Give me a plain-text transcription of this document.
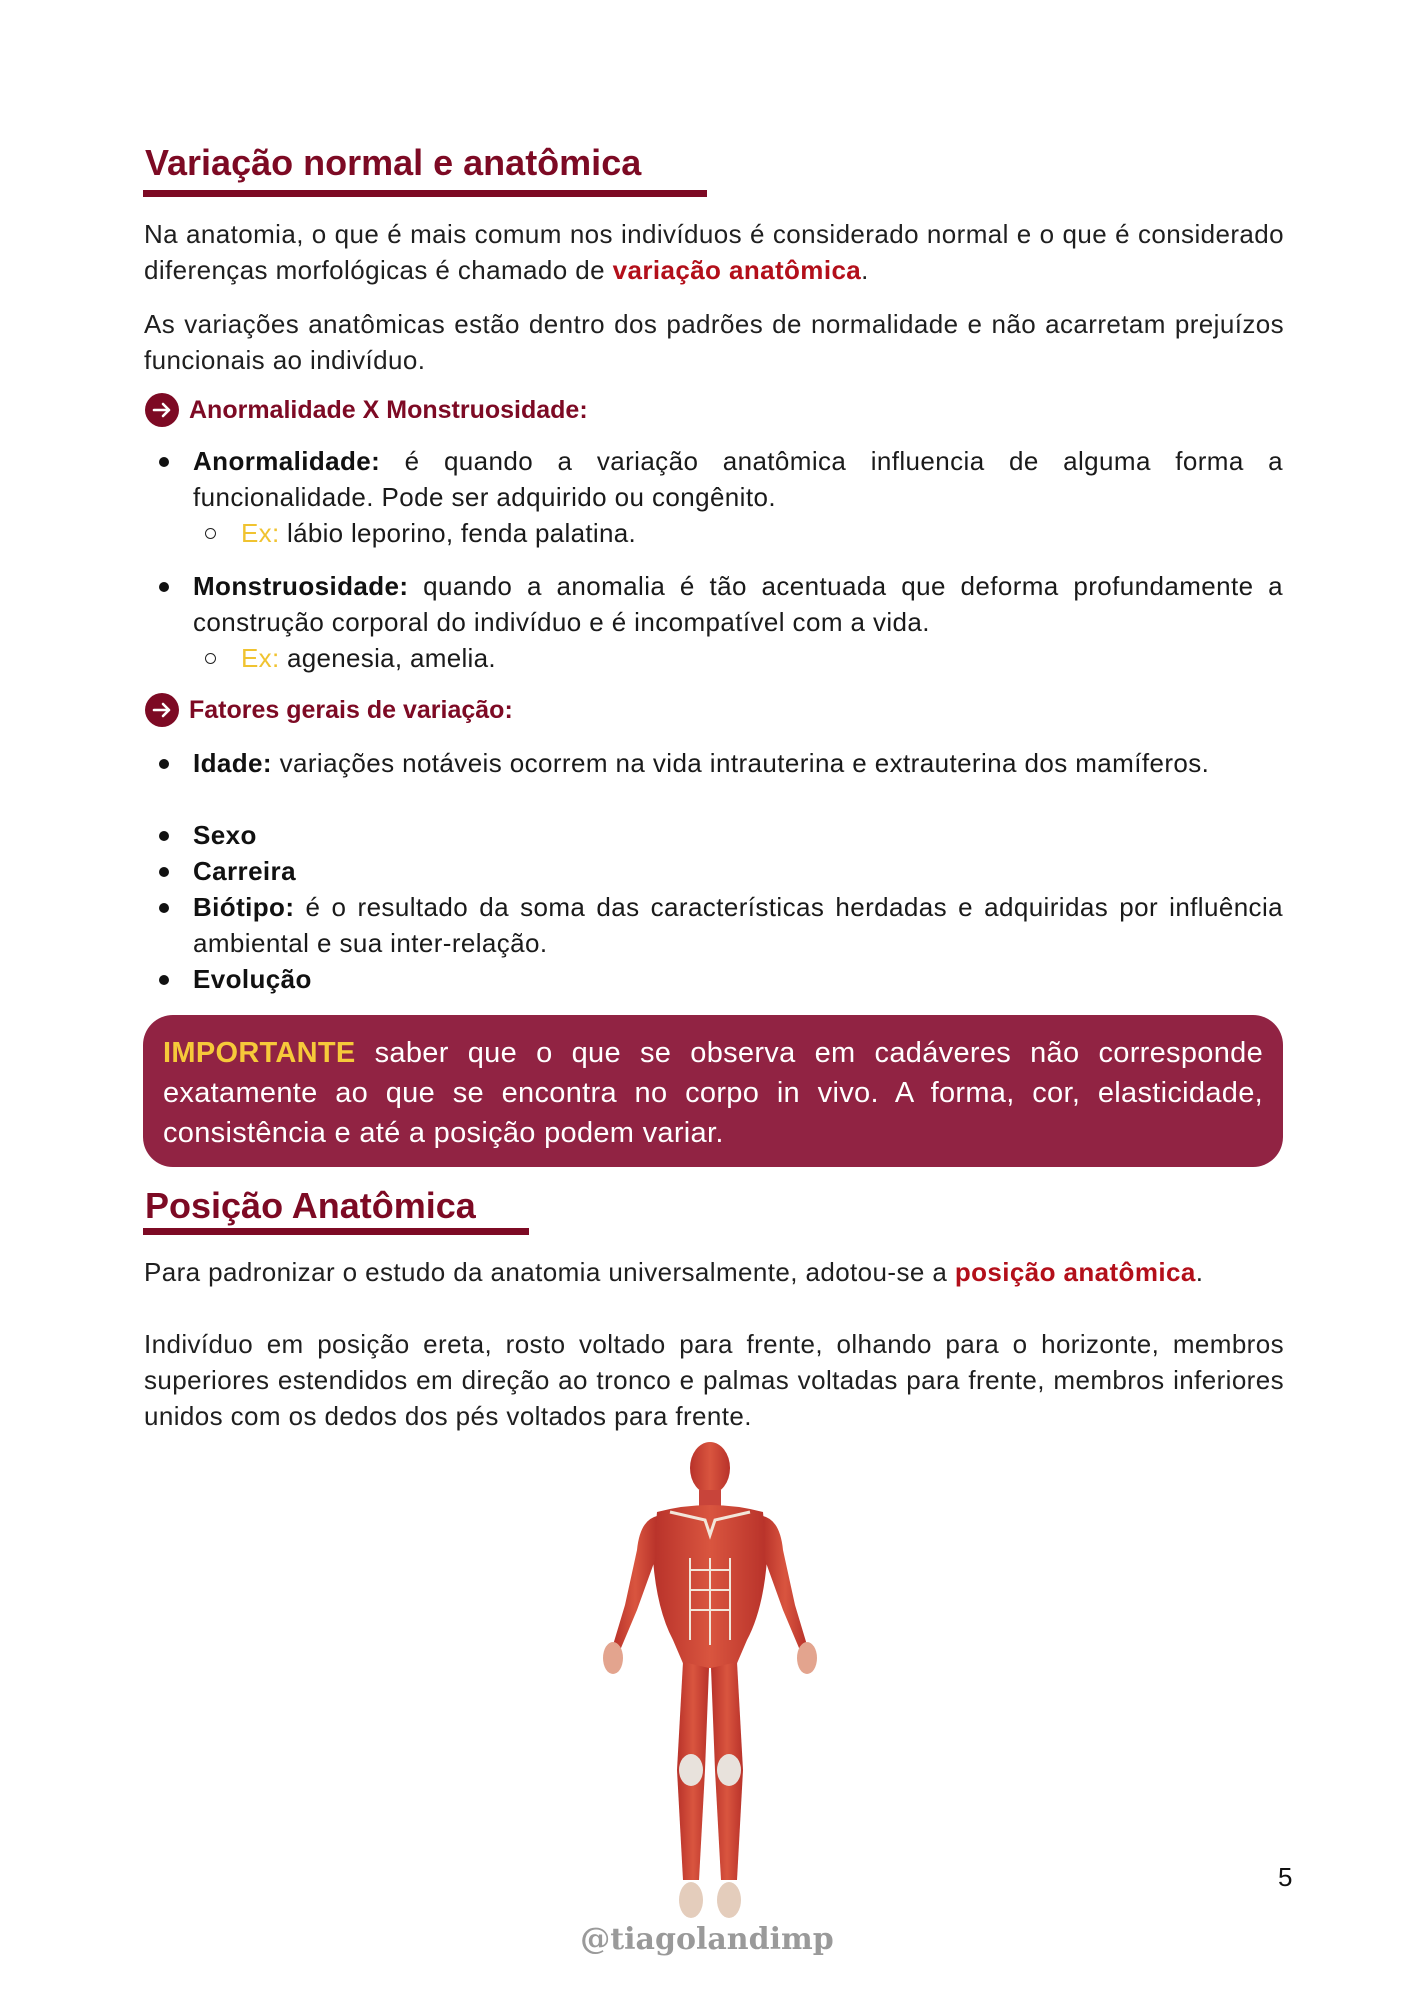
Variação normal e anatômica
Na anatomia, o que é mais comum nos indivíduos é considerado normal e o que é considerado diferenças morfológicas é chamado de variação anatômica.
As variações anatômicas estão dentro dos padrões de normalidade e não acarretam prejuízos funcionais ao indivíduo.
Anormalidade X Monstruosidade:
Anormalidade: é quando a variação anatômica influencia de alguma forma a funcionalidade. Pode ser adquirido ou congênito.
Ex: lábio leporino, fenda palatina.
Monstruosidade: quando a anomalia é tão acentuada que deforma profundamente a construção corporal do indivíduo e é incompatível com a vida.
Ex: agenesia, amelia.
Fatores gerais de variação:
Idade: variações notáveis ocorrem na vida intrauterina e extrauterina dos mamíferos.
Sexo
Carreira
Biótipo: é o resultado da soma das características herdadas e adquiridas por influência ambiental e sua inter-relação.
Evolução
IMPORTANTE saber que o que se observa em cadáveres não corresponde exatamente ao que se encontra no corpo in vivo. A forma, cor, elasticidade, consistência e até a posição podem variar.
Posição Anatômica
Para padronizar o estudo da anatomia universalmente, adotou-se a posição anatômica.
Indivíduo em posição ereta, rosto voltado para frente, olhando para o horizonte, membros superiores estendidos em direção ao tronco e palmas voltadas para frente, membros inferiores unidos com os dedos dos pés voltados para frente.
5
@tiagolandimp
